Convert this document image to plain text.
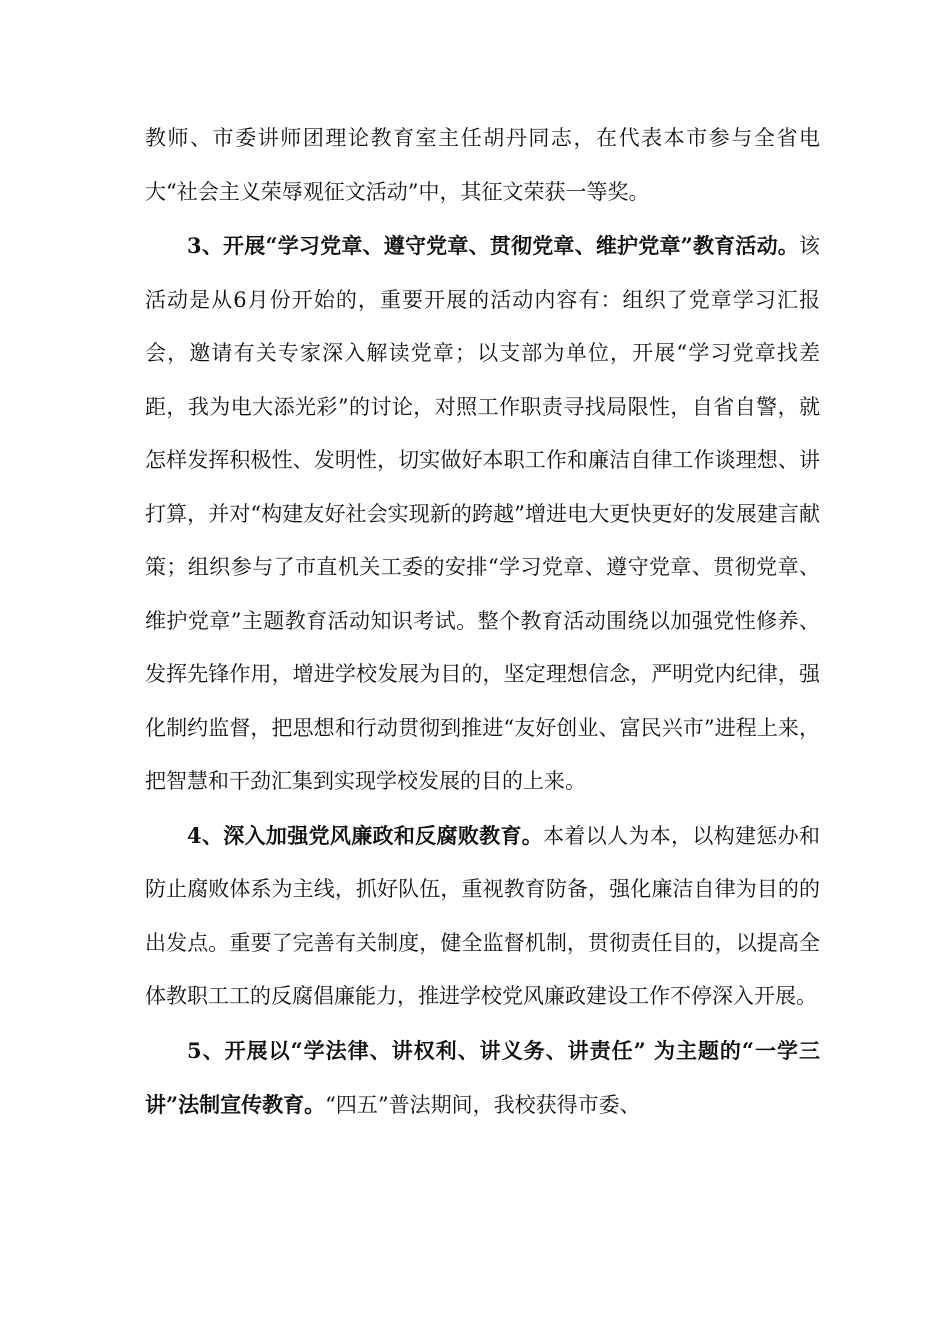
教师、市委讲师团理论教育室主任胡丹同志，在代表本市参与全省电大“社会主义荣辱观征文活动”中，其征文荣获一等奖。

3、开展“学习党章、遵守党章、贯彻党章、维护党章”教育活动。该活动是从6月份开始的，重要开展的活动内容有：组织了党章学习汇报会，邀请有关专家深入解读党章；以支部为单位，开展“学习党章找差距，我为电大添光彩”的讨论，对照工作职责寻找局限性，自省自警，就怎样发挥积极性、发明性，切实做好本职工作和廉洁自律工作谈理想、讲打算，并对“构建友好社会实现新的跨越”增进电大更快更好的发展建言献策；组织参与了市直机关工委的安排“学习党章、遵守党章、贯彻党章、维护党章”主题教育活动知识考试。整个教育活动围绕以加强党性修养、发挥先锋作用，增进学校发展为目的，坚定理想信念，严明党内纪律，强化制约监督，把思想和行动贯彻到推进“友好创业、富民兴市”进程上来，把智慧和干劲汇集到实现学校发展的目的上来。

4、深入加强党风廉政和反腐败教育。本着以人为本，以构建惩办和防止腐败体系为主线，抓好队伍，重视教育防备，强化廉洁自律为目的的出发点。重要了完善有关制度，健全监督机制，贯彻责任目的，以提高全体教职工工的反腐倡廉能力，推进学校党风廉政建设工作不停深入开展。

5、开展以“学法律、讲权利、讲义务、讲责任” 为主题的“一学三讲”法制宣传教育。“四五”普法期间，我校获得市委、
